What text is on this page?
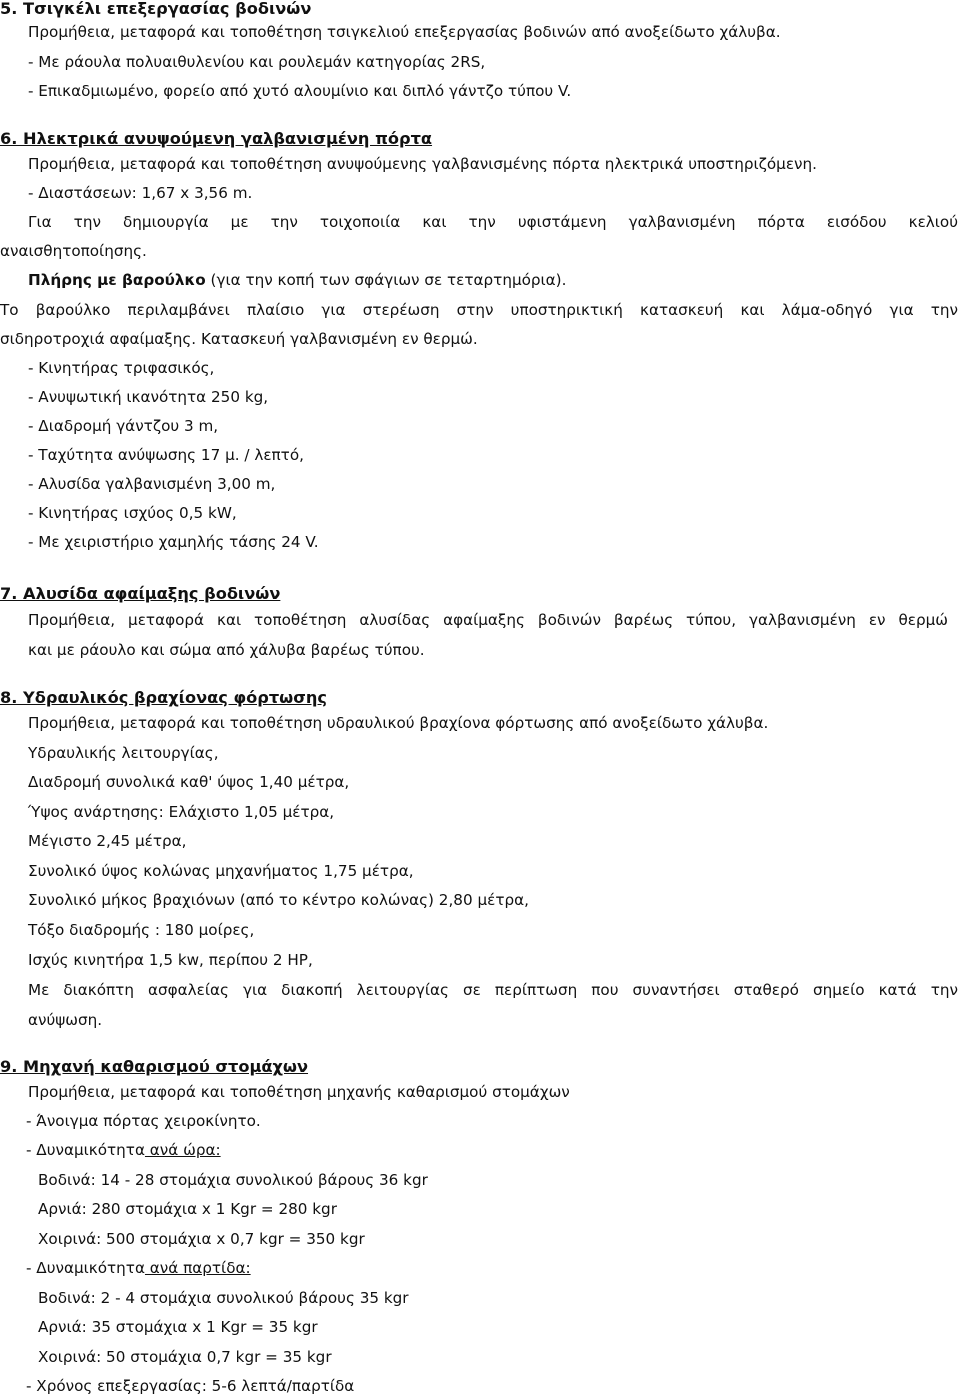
5. Τσιγκέλι επεξεργασίας βοδινών
Προμήθεια, μεταφορά και τοποθέτηση τσιγκελιού επεξεργασίας βοδινών από ανοξείδωτο χάλυβα.
- Με ράουλα πολυαιθυλενίου και ρουλεμάν κατηγορίας 2RS,
- Επικαδμιωμένο, φορείο από χυτό αλουμίνιο και διπλό γάντζο τύπου V.
6. Ηλεκτρικά ανυψούμενη γαλβανισμένη πόρτα
Προμήθεια, μεταφορά και τοποθέτηση ανυψούμενης γαλβανισμένης πόρτα ηλεκτρικά υποστηριζόμενη.
- Διαστάσεων: 1,67 x 3,56 m.
Για την δημιουργία με την τοιχοποιία και την υφιστάμενη γαλβανισμένη πόρτα εισόδου κελιού
αναισθητοποίησης.
Πλήρης με βαρούλκο (για την κοπή των σφάγιων σε τεταρτημόρια).
Το βαρούλκο περιλαμβάνει πλαίσιο για στερέωση στην υποστηρικτική κατασκευή και λάμα-οδηγό για την
σιδηροτροχιά αφαίμαξης. Κατασκευή γαλβανισμένη εν θερμώ.
- Κινητήρας τριφασικός,
- Ανυψωτική ικανότητα 250 kg,
- Διαδρομή γάντζου 3 m,
- Ταχύτητα ανύψωσης 17 μ. / λεπτό,
- Αλυσίδα γαλβανισμένη 3,00 m,
- Κινητήρας ισχύος 0,5 kW,
- Με χειριστήριο χαμηλής τάσης 24 V.
7. Αλυσίδα αφαίμαξης βοδινών
Προμήθεια, μεταφορά και τοποθέτηση αλυσίδας αφαίμαξης βοδινών βαρέως τύπου, γαλβανισμένη εν θερμώ
και με ράουλο και σώμα από χάλυβα βαρέως τύπου.
8. Υδραυλικός βραχίονας φόρτωσης
Προμήθεια, μεταφορά και τοποθέτηση υδραυλικού βραχίονα φόρτωσης από ανοξείδωτο χάλυβα.
Υδραυλικής λειτουργίας,
Διαδρομή συνολικά καθ' ύψος 1,40 μέτρα,
Ύψος ανάρτησης: Ελάχιστο 1,05 μέτρα,
Μέγιστο 2,45 μέτρα,
Συνολικό ύψος κολώνας μηχανήματος 1,75 μέτρα,
Συνολικό μήκος βραχιόνων (από το κέντρο κολώνας) 2,80 μέτρα,
Τόξο διαδρομής : 180 μοίρες,
Ισχύς κινητήρα 1,5 kw, περίπου 2 HP,
Με διακόπτη ασφαλείας για διακοπή λειτουργίας σε περίπτωση που συναντήσει σταθερό σημείο κατά την
ανύψωση.
9. Μηχανή καθαρισμού στομάχων
Προμήθεια, μεταφορά και τοποθέτηση μηχανής καθαρισμού στομάχων
- Άνοιγμα πόρτας χειροκίνητο.
- Δυναμικότητα ανά ώρα:
Βοδινά: 14 - 28 στομάχια συνολικού βάρους 36 kgr
Αρνιά: 280 στομάχια x 1 Kgr = 280 kgr
Χοιρινά: 500 στομάχια x 0,7 kgr = 350 kgr
- Δυναμικότητα ανά παρτίδα:
Βοδινά: 2 - 4 στομάχια συνολικού βάρους 35 kgr
Αρνιά: 35 στομάχια x 1 Kgr = 35 kgr
Χοιρινά: 50 στομάχια 0,7 kgr = 35 kgr
- Χρόνος επεξεργασίας: 5-6 λεπτά/παρτίδα
